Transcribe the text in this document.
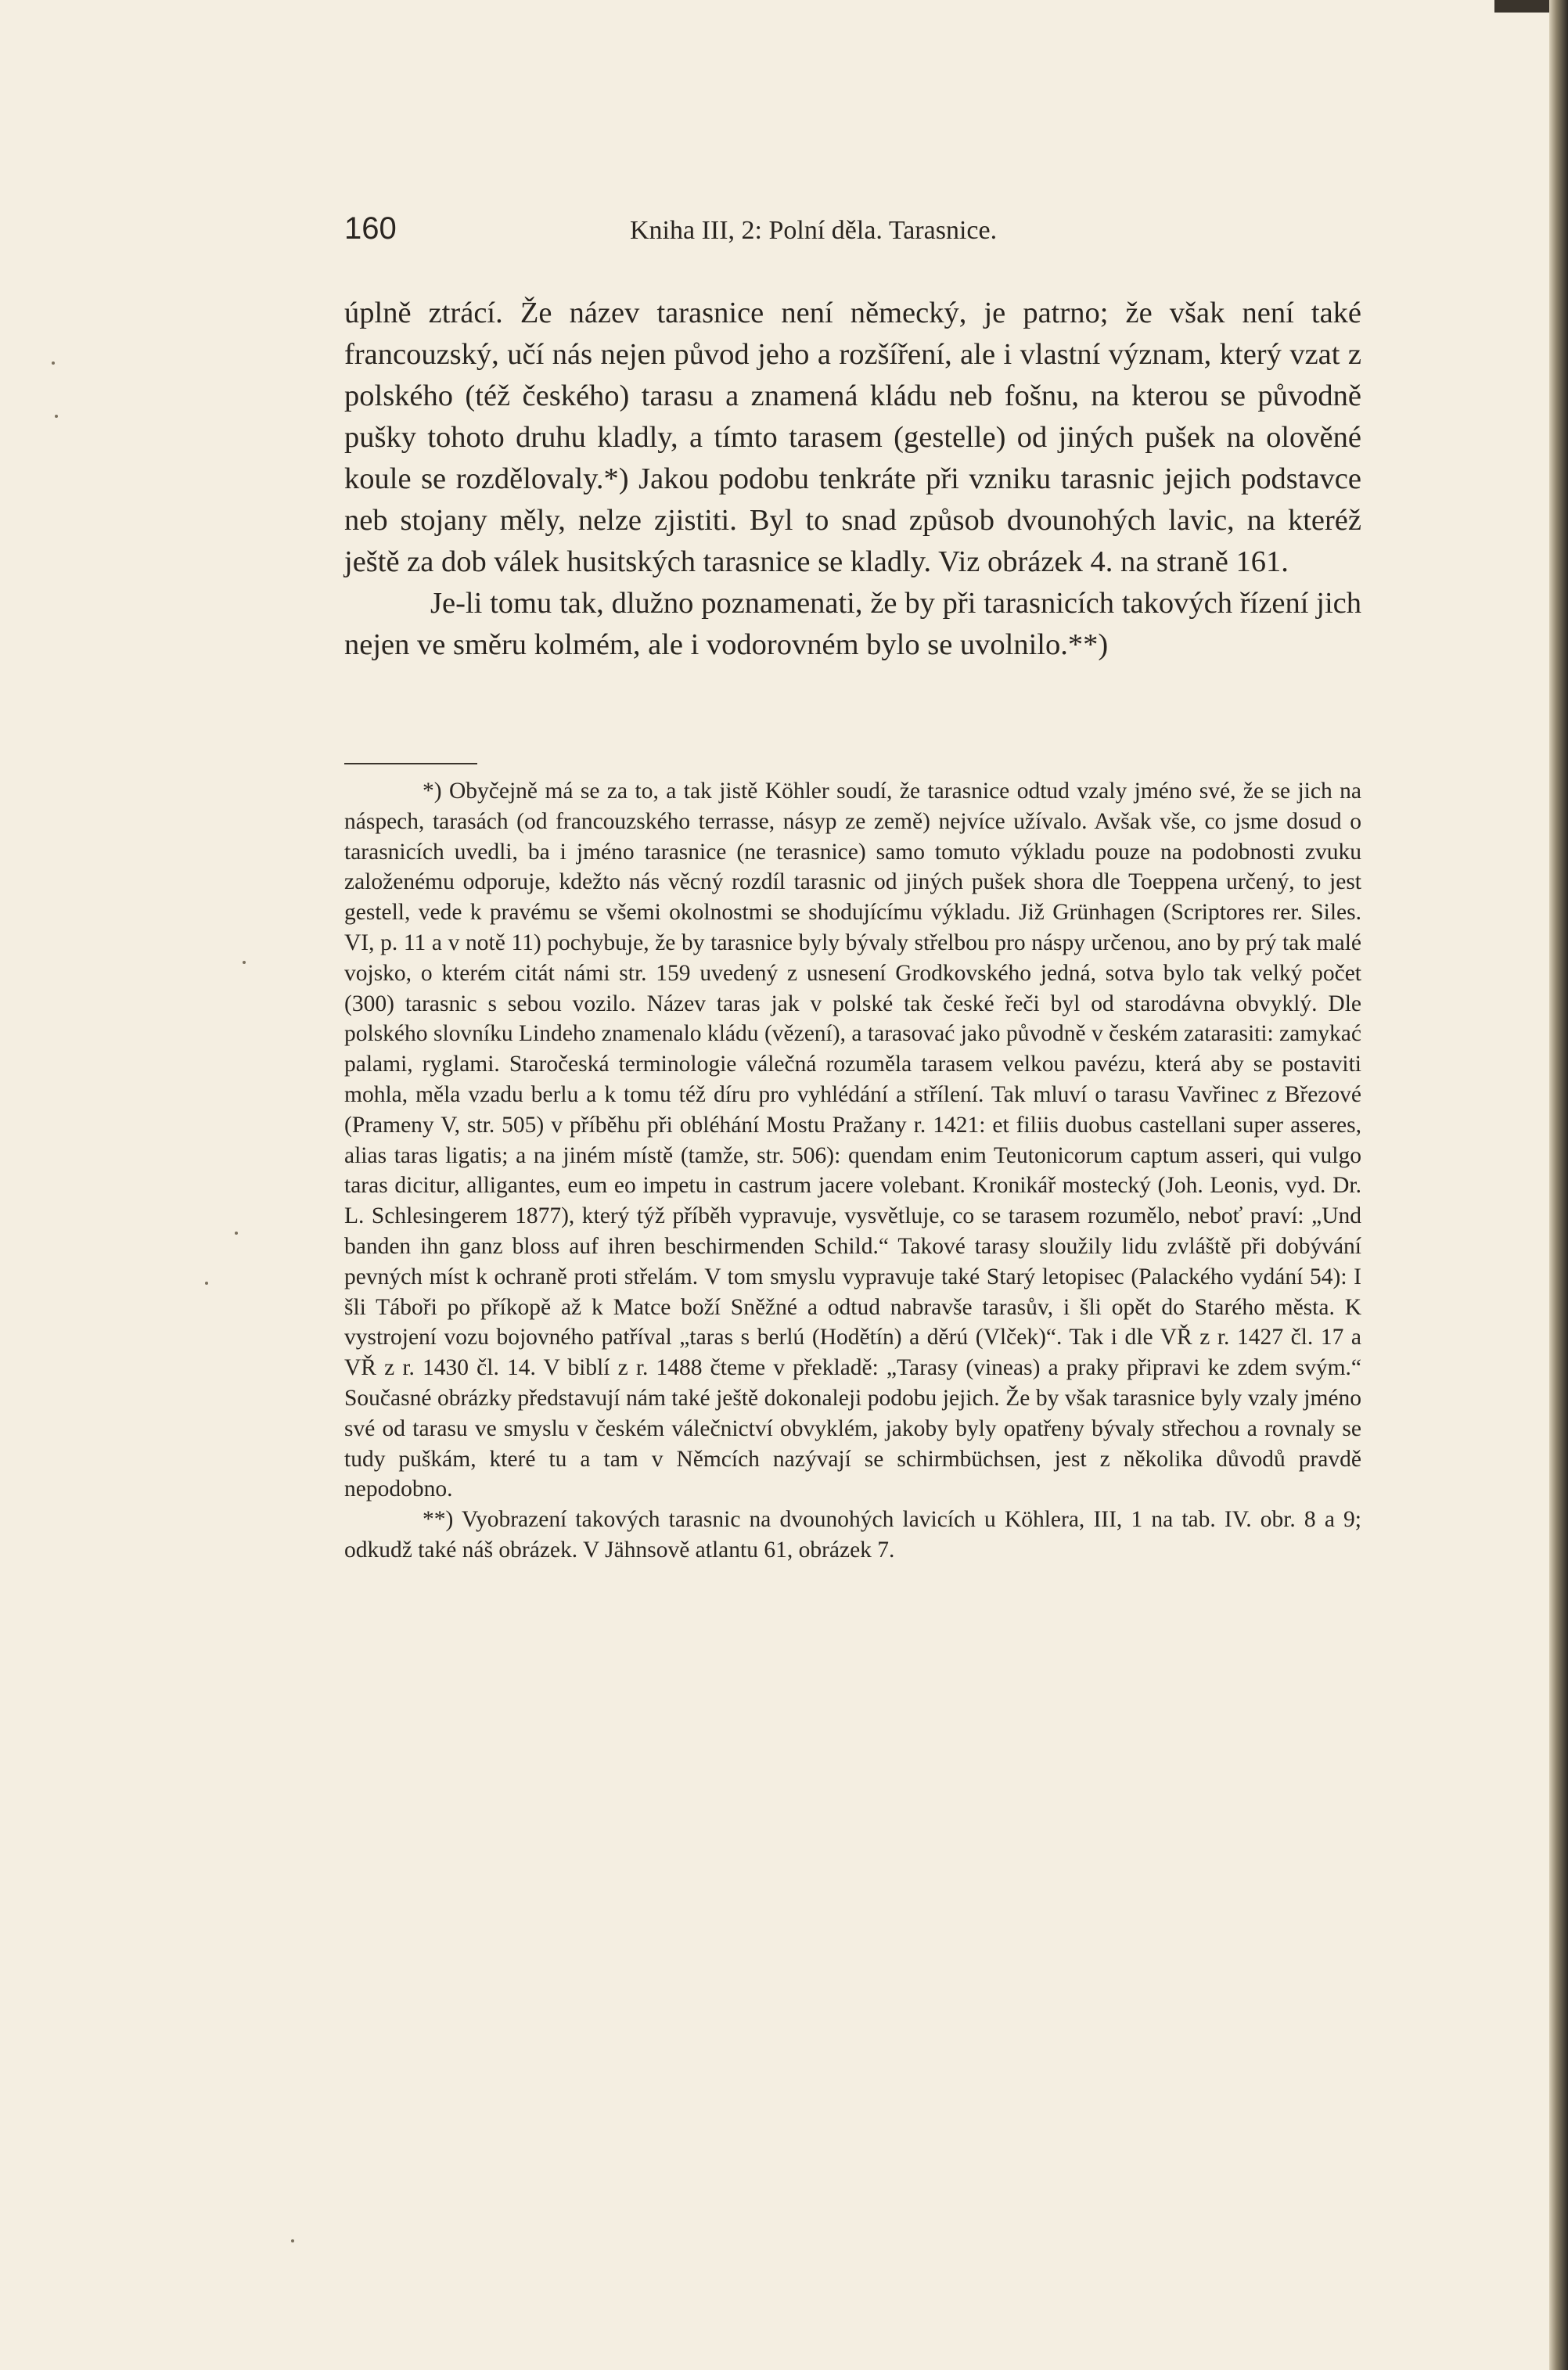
160	Kniha III, 2: Polní děla. Tarasnice.

úplně ztrácí. Že název tarasnice není německý, je patrno; že však není také francouzský, učí nás nejen původ jeho a rozšíření, ale i vlastní význam, který vzat z polského (též českého) tarasu a znamená kládu neb fošnu, na kterou se původně pušky tohoto druhu kladly, a tímto tarasem (gestelle) od jiných pušek na olověné koule se rozdělovaly.*) Jakou podobu tenkráte při vzniku tarasnic jejich podstavce neb stojany měly, nelze zjistiti. Byl to snad způsob dvounohých lavic, na kteréž ještě za dob válek husitských tarasnice se kladly. Viz obrázek 4. na straně 161.

Je-li tomu tak, dlužno poznamenati, že by při tarasnicích takových řízení jich nejen ve směru kolmém, ale i vodorovném bylo se uvolnilo.**)

*) Obyčejně má se za to, a tak jistě Köhler soudí, že tarasnice odtud vzaly jméno své, že se jich na náspech, tarasách (od francouzského terrasse, násyp ze země) nejvíce užívalo. Avšak vše, co jsme dosud o tarasnicích uvedli, ba i jméno tarasnice (ne terasnice) samo tomuto výkladu pouze na podobnosti zvuku založenému odporuje, kdežto nás věcný rozdíl tarasnic od jiných pušek shora dle Toeppena určený, to jest gestell, vede k pravému se všemi okolnostmi se shodujícímu výkladu. Již Grünhagen (Scriptores rer. Siles. VI, p. 11 a v notě 11) pochybuje, že by tarasnice byly bývaly střelbou pro náspy určenou, ano by prý tak malé vojsko, o kterém citát námi str. 159 uvedený z usnesení Grodkovského jedná, sotva bylo tak velký počet (300) tarasnic s sebou vozilo. Název taras jak v polské tak české řeči byl od starodávna obvyklý. Dle polského slovníku Lindeho znamenalo kládu (vězení), a tarasovać jako původně v českém zatarasiti: zamykać palami, ryglami. Staročeská terminologie válečná rozuměla tarasem velkou pavézu, která aby se postaviti mohla, měla vzadu berlu a k tomu též díru pro vyhlédání a střílení. Tak mluví o tarasu Vavřinec z Březové (Prameny V, str. 505) v příběhu při obléhání Mostu Pražany r. 1421: et filiis duobus castellani super asseres, alias taras ligatis; a na jiném místě (tamže, str. 506): quendam enim Teutonicorum captum asseri, qui vulgo taras dicitur, alligantes, eum eo impetu in castrum jacere volebant. Kronikář mostecký (Joh. Leonis, vyd. Dr. L. Schlesingerem 1877), který týž příběh vypravuje, vysvětluje, co se tarasem rozumělo, neboť praví: „Und banden ihn ganz bloss auf ihren beschirmenden Schild.“ Takové tarasy sloužily lidu zvláště při dobývání pevných míst k ochraně proti střelám. V tom smyslu vypravuje také Starý letopisec (Palackého vydání 54): I šli Táboři po příkopě až k Matce boží Sněžné a odtud nabravše tarasův, i šli opět do Starého města. K vystrojení vozu bojovného patříval „taras s berlú (Hodětín) a děrú (Vlček)“. Tak i dle VŘ z r. 1427 čl. 17 a VŘ z r. 1430 čl. 14. V biblí z r. 1488 čteme v překladě: „Tarasy (vineas) a praky připravi ke zdem svým.“ Současné obrázky představují nám také ještě dokonaleji podobu jejich. Že by však tarasnice byly vzaly jméno své od tarasu ve smyslu v českém válečnictví obvyklém, jakoby byly opatřeny bývaly střechou a rovnaly se tudy puškám, které tu a tam v Němcích nazývají se schirmbüchsen, jest z několika důvodů pravdě nepodobno.

**) Vyobrazení takových tarasnic na dvounohých lavicích u Köhlera, III, 1 na tab. IV. obr. 8 a 9; odkudž také náš obrázek. V Jähnsově atlantu 61, obrázek 7.
